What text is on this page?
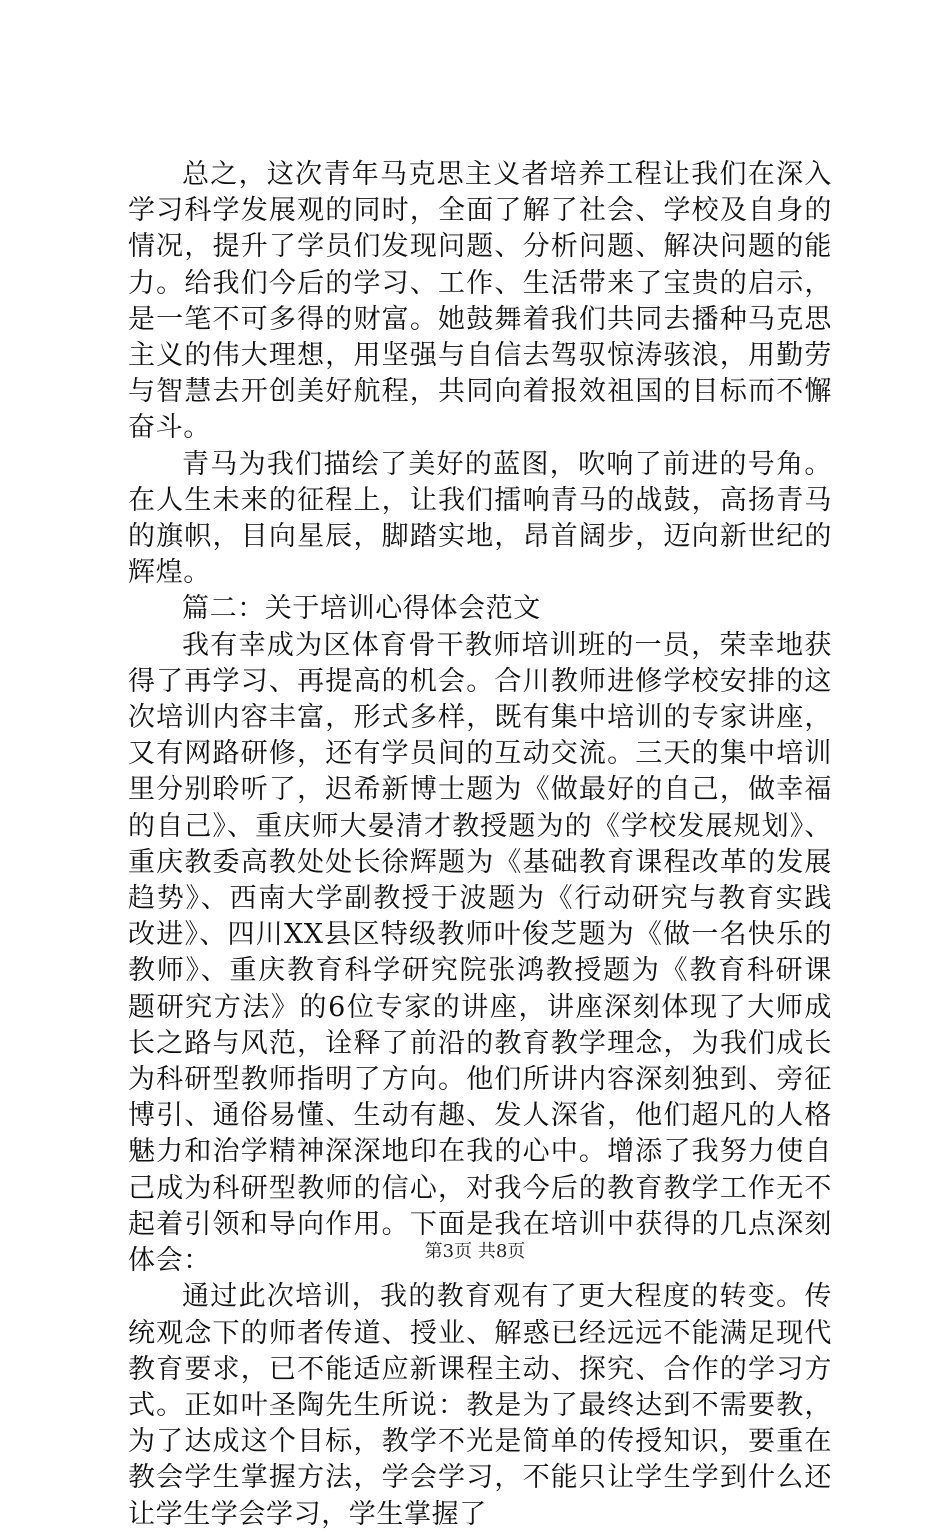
总之，这次青年马克思主义者培养工程让我们在深入学习科学发展观的同时，全面了解了社会、学校及自身的情况，提升了学员们发现问题、分析问题、解决问题的能力。给我们今后的学习、工作、生活带来了宝贵的启示，是一笔不可多得的财富。她鼓舞着我们共同去播种马克思主义的伟大理想，用坚强与自信去驾驭惊涛骇浪，用勤劳与智慧去开创美好航程，共同向着报效祖国的目标而不懈奋斗。

青马为我们描绘了美好的蓝图，吹响了前进的号角。在人生未来的征程上，让我们擂响青马的战鼓，高扬青马的旗帜，目向星辰，脚踏实地，昂首阔步，迈向新世纪的辉煌。

篇二：关于培训心得体会范文

我有幸成为区体育骨干教师培训班的一员，荣幸地获得了再学习、再提高的机会。合川教师进修学校安排的这次培训内容丰富，形式多样，既有集中培训的专家讲座，又有网路研修，还有学员间的互动交流。三天的集中培训里分别聆听了，迟希新博士题为《做最好的自己，做幸福的自己》、重庆师大晏清才教授题为的《学校发展规划》、重庆教委高教处处长徐辉题为《基础教育课程改革的发展趋势》、西南大学副教授于波题为《行动研究与教育实践改进》、四川XX县区特级教师叶俊芝题为《做一名快乐的教师》、重庆教育科学研究院张鸿教授题为《教育科研课题研究方法》的6位专家的讲座，讲座深刻体现了大师成长之路与风范，诠释了前沿的教育教学理念，为我们成长为科研型教师指明了方向。他们所讲内容深刻独到、旁征博引、通俗易懂、生动有趣、发人深省，他们超凡的人格魅力和治学精神深深地印在我的心中。增添了我努力使自己成为科研型教师的信心，对我今后的教育教学工作无不起着引领和导向作用。下面是我在培训中获得的几点深刻体会：

通过此次培训，我的教育观有了更大程度的转变。传统观念下的师者传道、授业、解惑已经远远不能满足现代教育要求，已不能适应新课程主动、探究、合作的学习方式。正如叶圣陶先生所说：教是为了最终达到不需要教，为了达成这个目标，教学不光是简单的传授知识，要重在教会学生掌握方法，学会学习，不能只让学生学到什么还让学生学会学习，学生掌握了

第3页 共8页
